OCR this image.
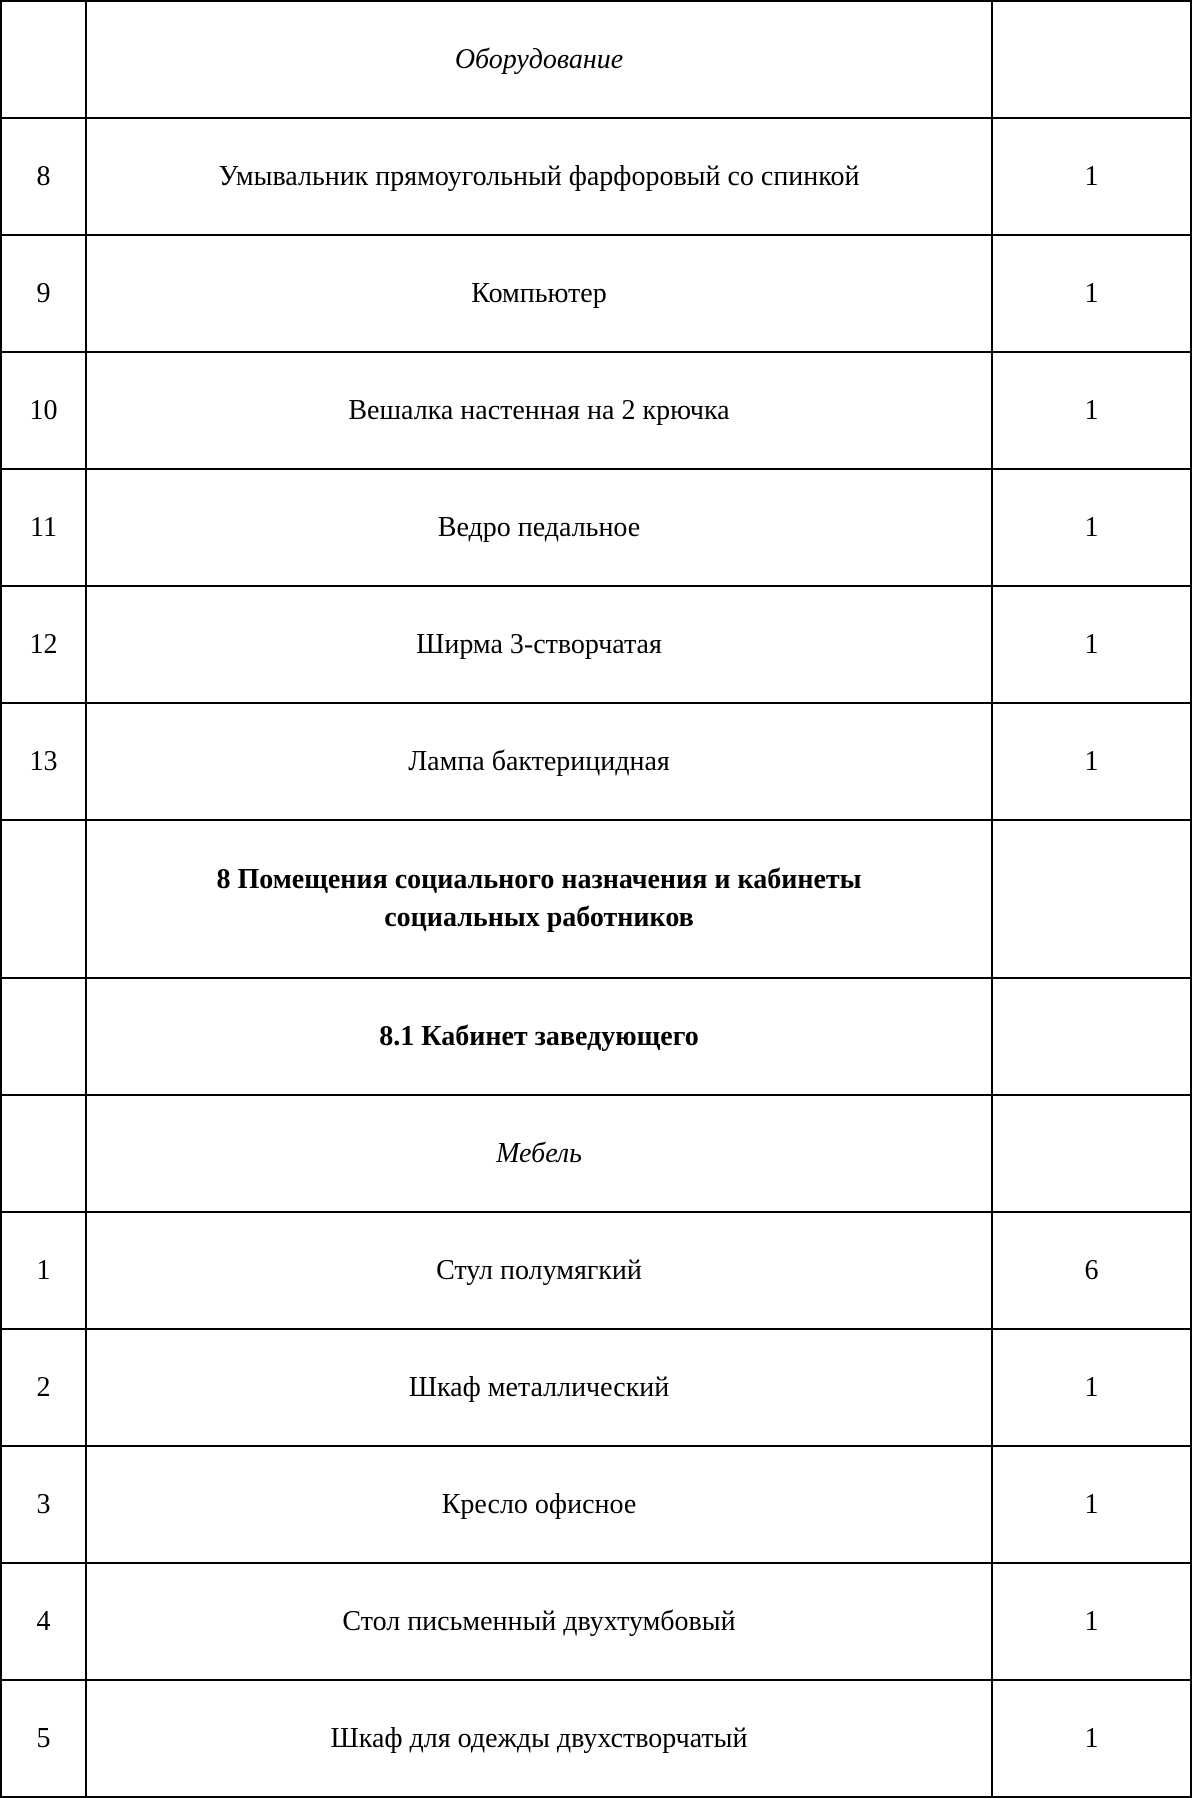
	Оборудование	
8	Умывальник прямоугольный фарфоровый со спинкой	1
9	Компьютер	1
10	Вешалка настенная на 2 крючка	1
11	Ведро педальное	1
12	Ширма 3-створчатая	1
13	Лампа бактерицидная	1
	8 Помещения социального назначения и кабинеты
социальных работников	
	8.1 Кабинет заведующего	
	Мебель	
1	Стул полумягкий	6
2	Шкаф металлический	1
3	Кресло офисное	1
4	Стол письменный двухтумбовый	1
5	Шкаф для одежды двухстворчатый	1
